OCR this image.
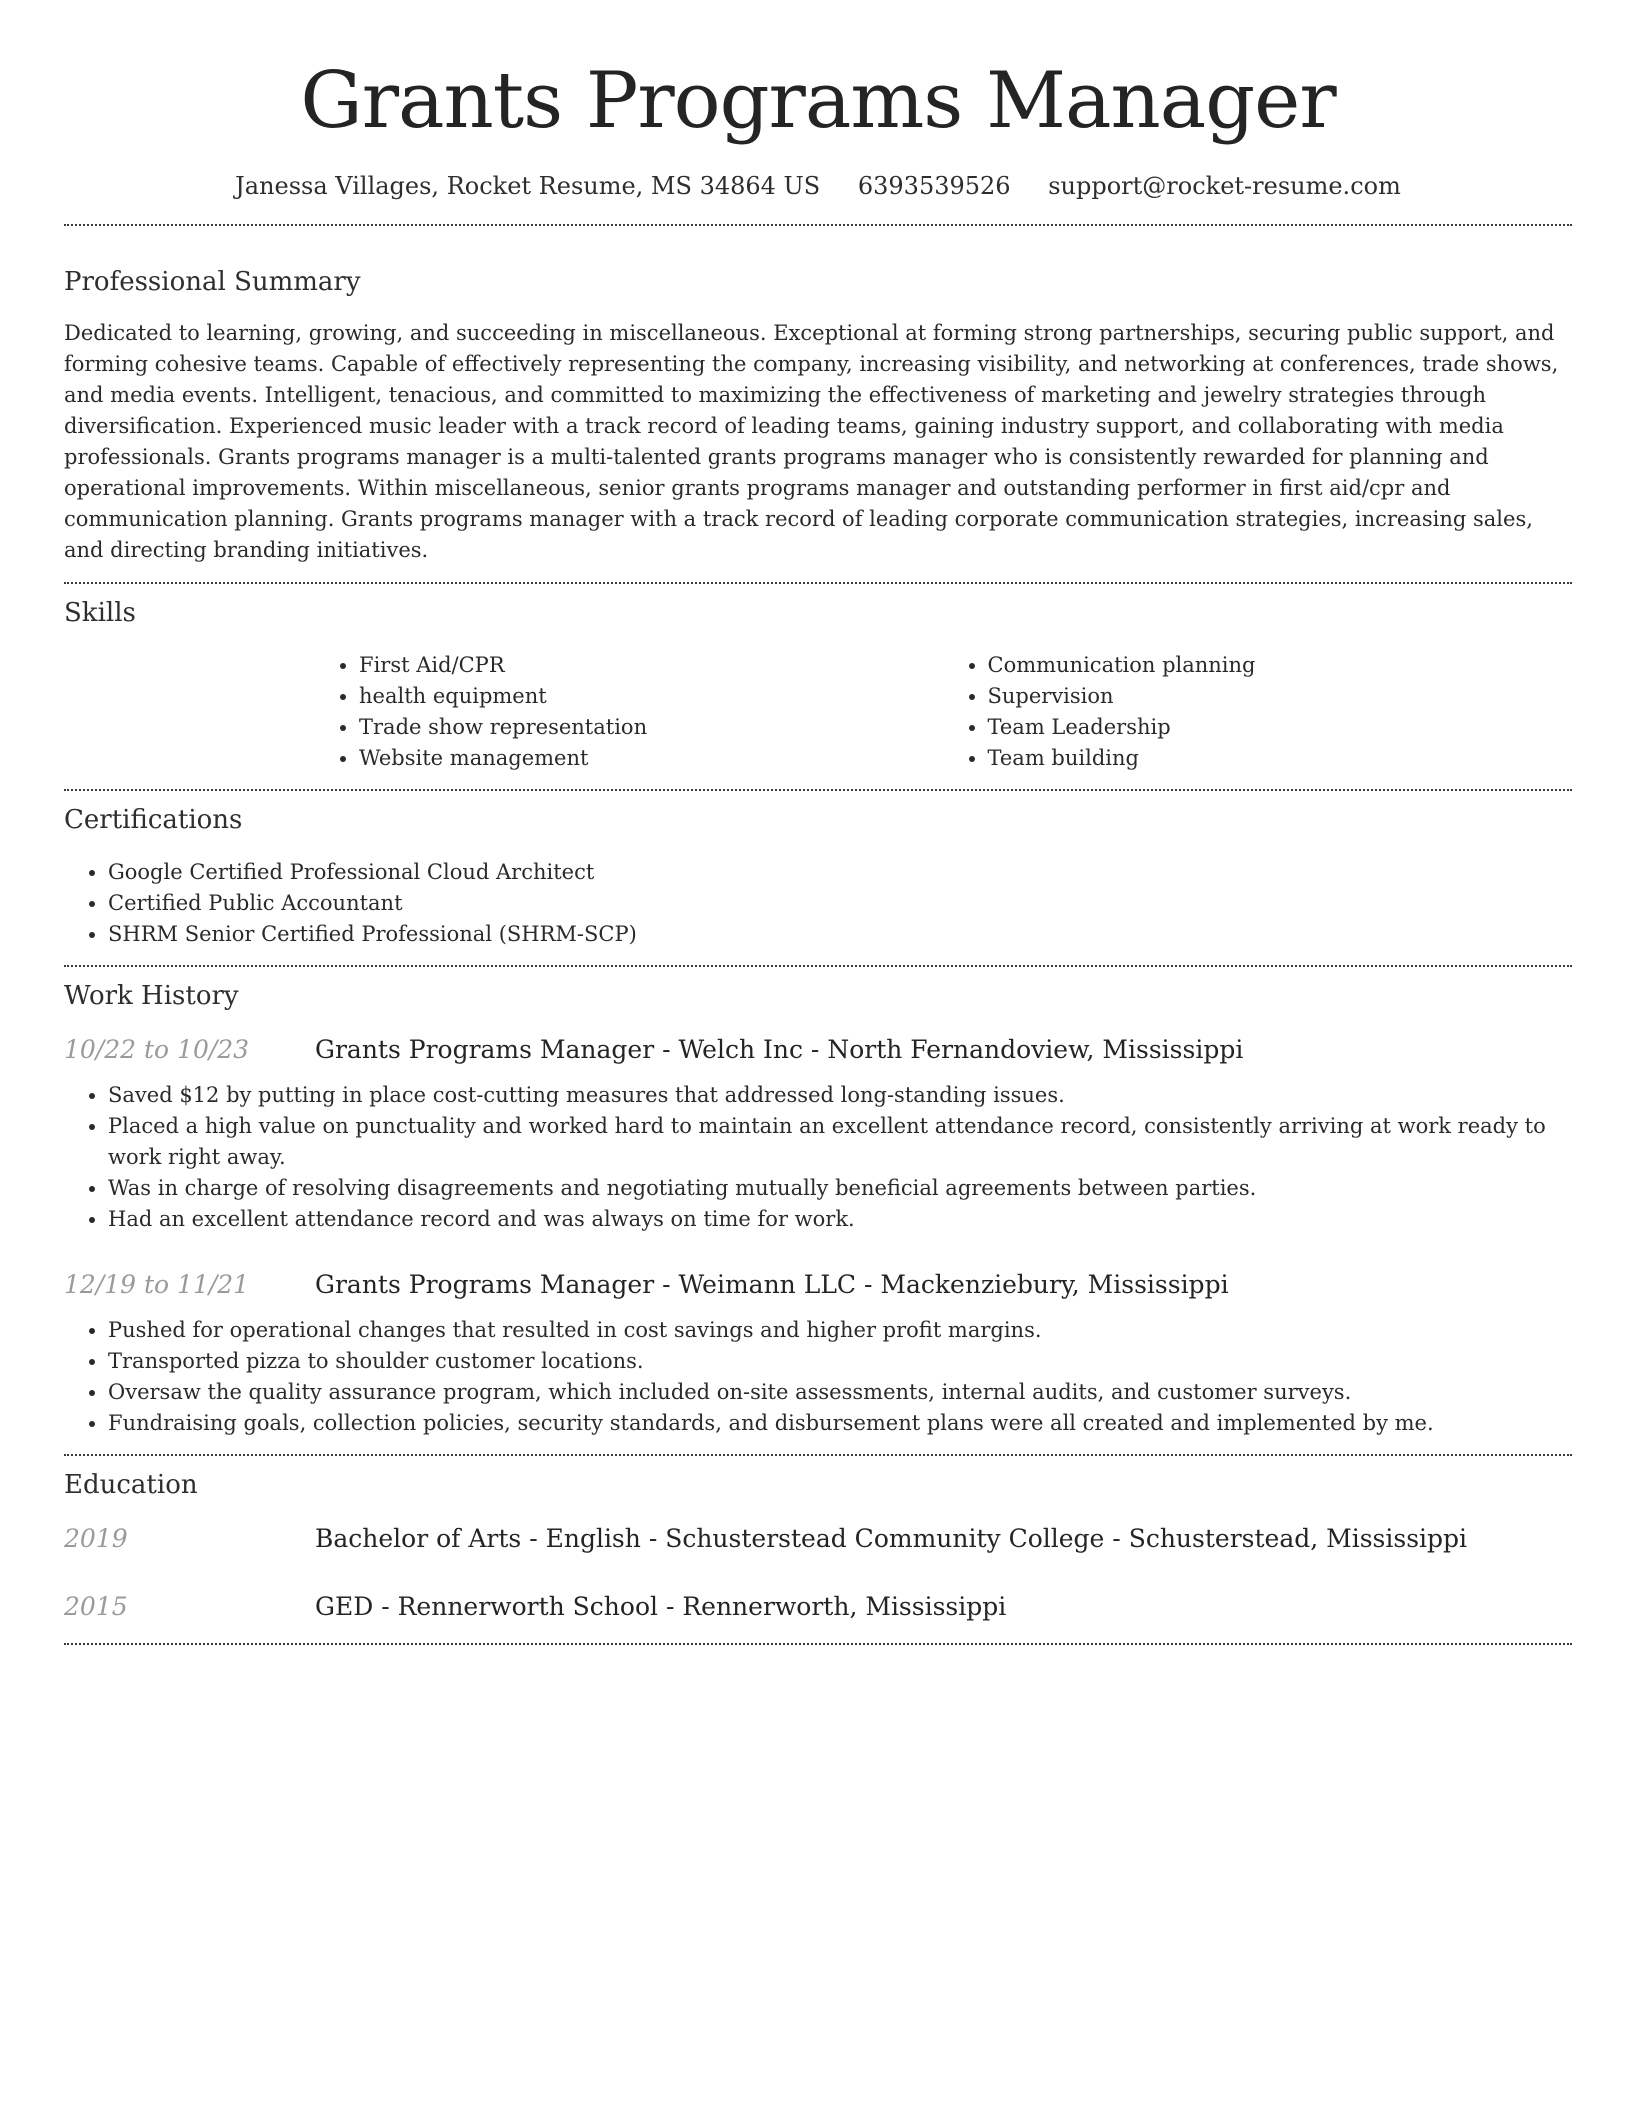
Grants Programs Manager
Janessa Villages, Rocket Resume, MS 34864 US 6393539526 support@rocket-resume.com
Professional Summary

Dedicated to learning, growing, and succeeding in miscellaneous. Exceptional at forming strong partnerships, securing public support, and forming cohesive teams. Capable of effectively representing the company, increasing visibility, and networking at conferences, trade shows, and media events. Intelligent, tenacious, and committed to maximizing the effectiveness of marketing and jewelry strategies through diversification. Experienced music leader with a track record of leading teams, gaining industry support, and collaborating with media professionals. Grants programs manager is a multi-talented grants programs manager who is consistently rewarded for planning and operational improvements. Within miscellaneous, senior grants programs manager and outstanding performer in first aid/cpr and communication planning. Grants programs manager with a track record of leading corporate communication strategies, increasing sales, and directing branding initiatives.

Skills
• First Aid/CPR
• health equipment
• Trade show representation
• Website management
• Communication planning
• Supervision
• Team Leadership
• Team building
Certifications
• Google Certified Professional Cloud Architect
• Certified Public Accountant
• SHRM Senior Certified Professional (SHRM-SCP)
Work History
10/22 to 10/23	Grants Programs Manager - Welch Inc - North Fernandoview, Mississippi
• Saved $12 by putting in place cost-cutting measures that addressed long-standing issues.
• Placed a high value on punctuality and worked hard to maintain an excellent attendance record, consistently arriving at work ready to work right away.
• Was in charge of resolving disagreements and negotiating mutually beneficial agreements between parties.
• Had an excellent attendance record and was always on time for work.
12/19 to 11/21	Grants Programs Manager - Weimann LLC - Mackenziebury, Mississippi
• Pushed for operational changes that resulted in cost savings and higher profit margins.
• Transported pizza to shoulder customer locations.
• Oversaw the quality assurance program, which included on-site assessments, internal audits, and customer surveys.
• Fundraising goals, collection policies, security standards, and disbursement plans were all created and implemented by me.
Education
2019	Bachelor of Arts - English - Schusterstead Community College - Schusterstead, Mississippi
2015	GED - Rennerworth School - Rennerworth, Mississippi
